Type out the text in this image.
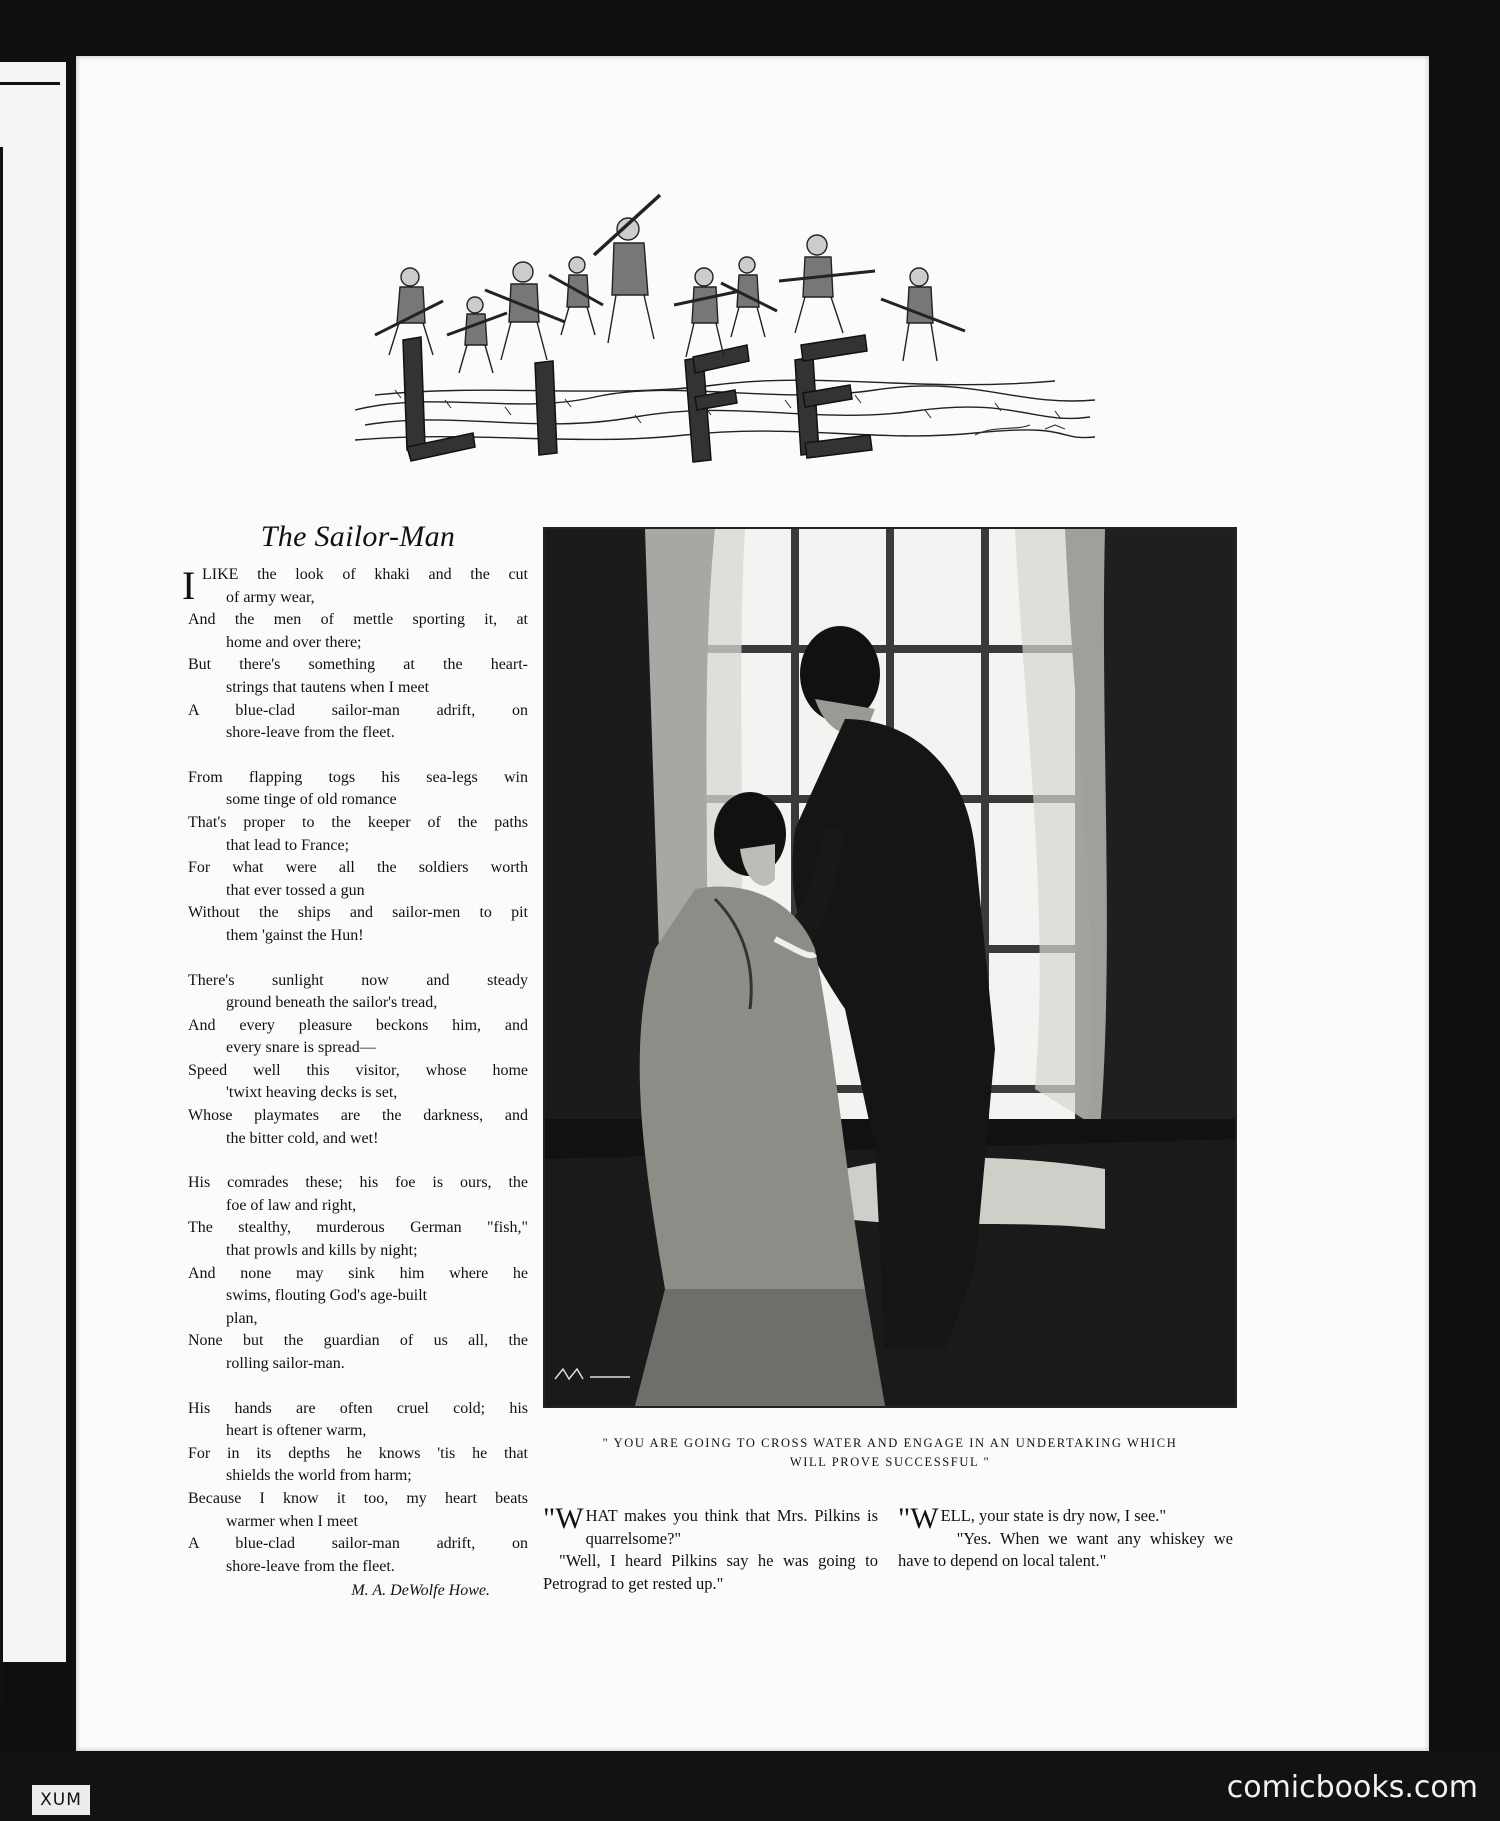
The Sailor-Man
I LIKE the look of khaki and the cut
of army wear,
And the men of mettle sporting it, at
home and over there;
But there's something at the heart-
strings that tautens when I meet
A blue-clad sailor-man adrift, on
shore-leave from the fleet.
From flapping togs his sea-legs win
some tinge of old romance
That's proper to the keeper of the paths
that lead to France;
For what were all the soldiers worth
that ever tossed a gun
Without the ships and sailor-men to pit
them 'gainst the Hun!
There's sunlight now and steady
ground beneath the sailor's tread,
And every pleasure beckons him, and
every snare is spread—
Speed well this visitor, whose home
'twixt heaving decks is set,
Whose playmates are the darkness, and
the bitter cold, and wet!
His comrades these; his foe is ours, the
foe of law and right,
The stealthy, murderous German "fish,"
that prowls and kills by night;
And none may sink him where he
swims, flouting God's age-built
plan,
None but the guardian of us all, the
rolling sailor-man.
His hands are often cruel cold; his
heart is oftener warm,
For in its depths he knows 'tis he that
shields the world from harm;
Because I know it too, my heart beats
warmer when I meet
A blue-clad sailor-man adrift, on
shore-leave from the fleet.
M. A. DeWolfe Howe.
" YOU ARE GOING TO CROSS WATER AND ENGAGE IN AN UNDERTAKING WHICH
WILL PROVE SUCCESSFUL "

"WHAT makes you think that Mrs. Pilkins is quarrelsome?"

"Well, I heard Pilkins say he was going to Petrograd to get rested up."

"WELL, your state is dry now, I see."

"Yes. When we want any whiskey we have to depend on local talent."

XUM	comicbooks.com
